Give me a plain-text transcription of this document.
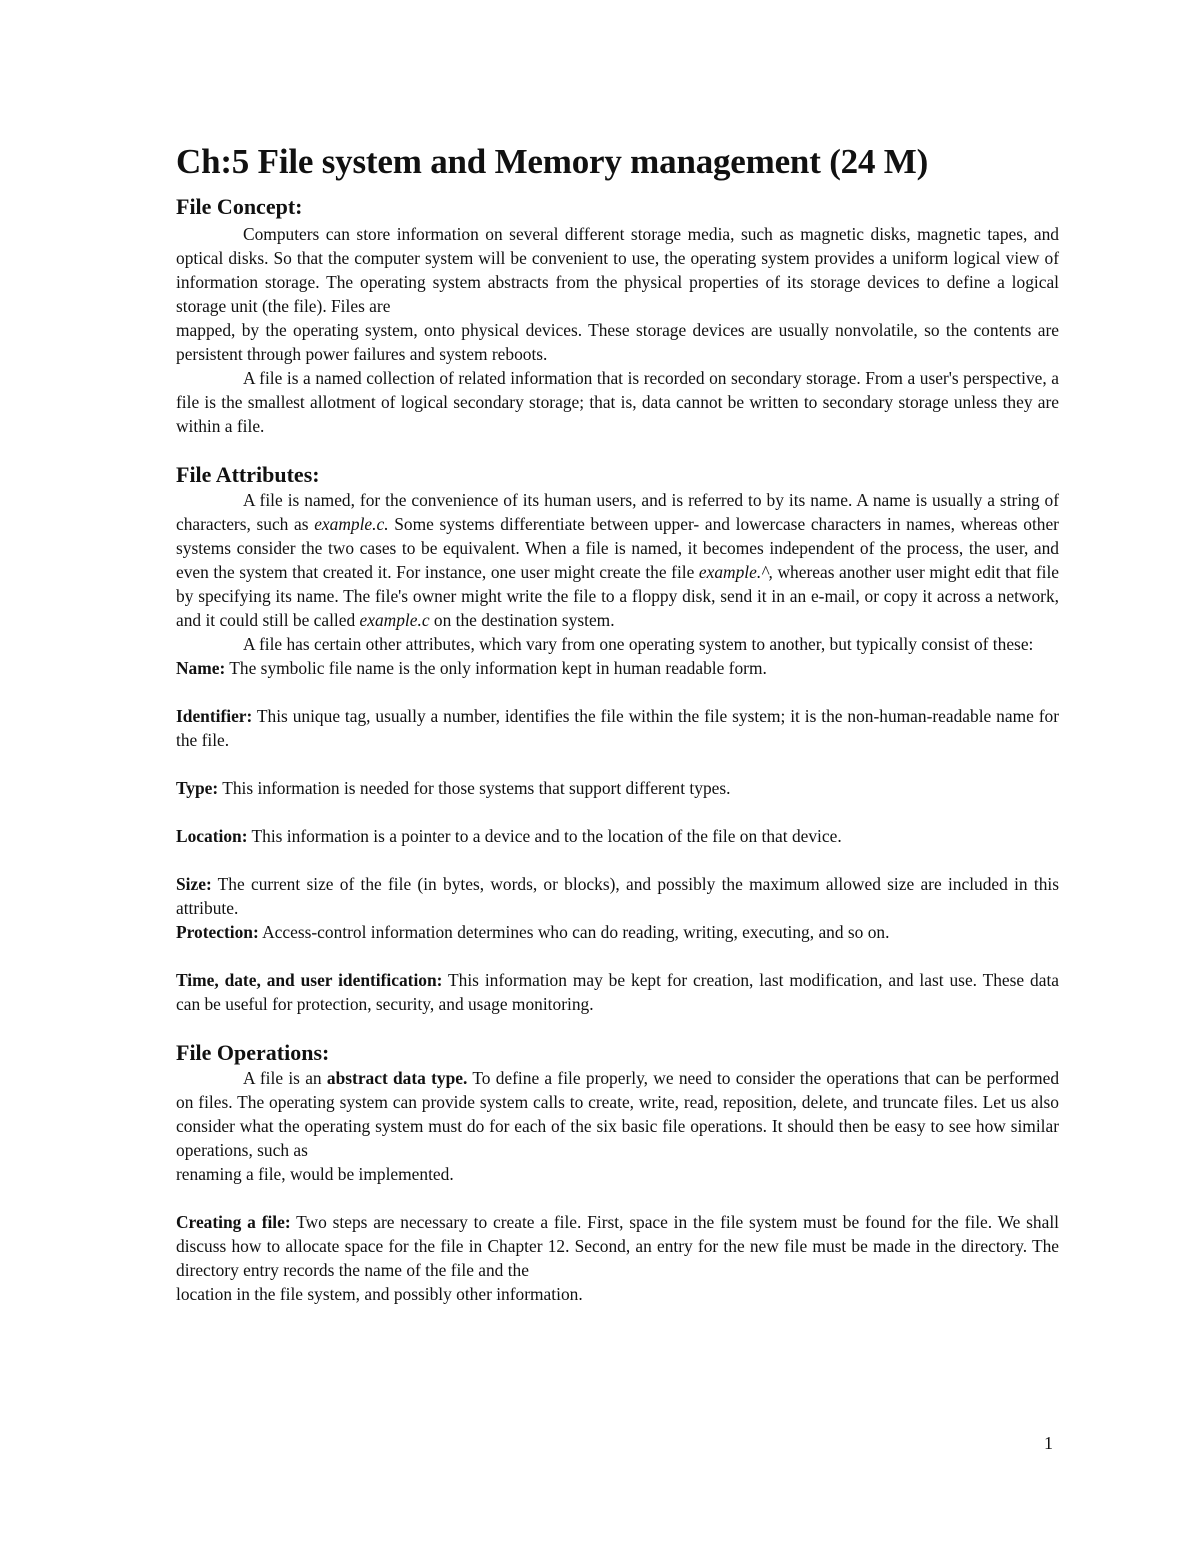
Ch:5 File system and Memory management (24 M)
File Concept:

Computers can store information on several different storage media, such as magnetic disks, magnetic tapes, and optical disks. So that the computer system will be convenient to use, the operating system provides a uniform logical view of information storage. The operating system abstracts from the physical properties of its storage devices to define a logical storage unit (the file). Files are

mapped, by the operating system, onto physical devices. These storage devices are usually nonvolatile, so the contents are persistent through power failures and system reboots.

A file is a named collection of related information that is recorded on secondary storage. From a user's perspective, a file is the smallest allotment of logical secondary storage; that is, data cannot be written to secondary storage unless they are within a file.

File Attributes:

A file is named, for the convenience of its human users, and is referred to by its name. A name is usually a string of characters, such as example.c. Some systems differentiate between upper- and lowercase characters in names, whereas other systems consider the two cases to be equivalent. When a file is named, it becomes independent of the process, the user, and even the system that created it. For instance, one user might create the file example.^, whereas another user might edit that file by specifying its name. The file's owner might write the file to a floppy disk, send it in an e-mail, or copy it across a network, and it could still be called example.c on the destination system.

A file has certain other attributes, which vary from one operating system to another, but typically consist of these:

Name: The symbolic file name is the only information kept in human readable form.

Identifier: This unique tag, usually a number, identifies the file within the file system; it is the non-human-readable name for the file.

Type: This information is needed for those systems that support different types.

Location: This information is a pointer to a device and to the location of the file on that device.

Size: The current size of the file (in bytes, words, or blocks), and possibly the maximum allowed size are included in this attribute.

Protection: Access-control information determines who can do reading, writing, executing, and so on.

Time, date, and user identification: This information may be kept for creation, last modification, and last use. These data can be useful for protection, security, and usage monitoring.

File Operations:

A file is an abstract data type. To define a file properly, we need to consider the operations that can be performed on files. The operating system can provide system calls to create, write, read, reposition, delete, and truncate files. Let us also consider what the operating system must do for each of the six basic file operations. It should then be easy to see how similar operations, such as

renaming a file, would be implemented.

Creating a file: Two steps are necessary to create a file. First, space in the file system must be found for the file. We shall discuss how to allocate space for the file in Chapter 12. Second, an entry for the new file must be made in the directory. The directory entry records the name of the file and the

location in the file system, and possibly other information.

1
